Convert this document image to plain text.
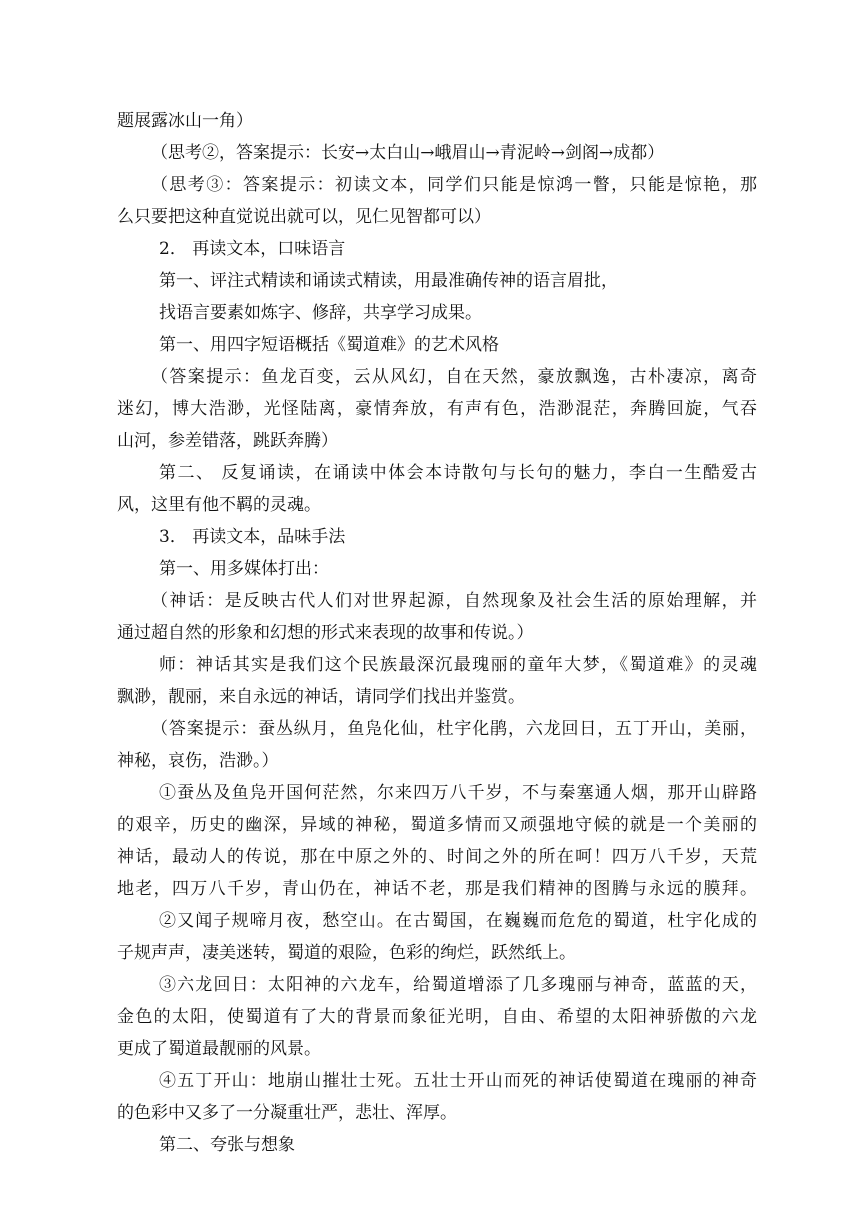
题展露冰山一角）
（思考②，答案提示：长安→太白山→峨眉山→青泥岭→剑阁→成都）
（思考③：答案提示：初读文本，同学们只能是惊鸿一瞥，只能是惊艳，那
么只要把这种直觉说出就可以，见仁见智都可以）
2． 再读文本，口味语言
第一、评注式精读和诵读式精读，用最准确传神的语言眉批，
找语言要素如炼字、修辞，共享学习成果。
第一、用四字短语概括《蜀道难》的艺术风格
（答案提示：鱼龙百变，云从风幻，自在天然，豪放飘逸，古朴凄凉，离奇
迷幻，博大浩渺，光怪陆离，豪情奔放，有声有色，浩渺混茫，奔腾回旋，气吞
山河，参差错落，跳跃奔腾）
第二、 反复诵读，在诵读中体会本诗散句与长句的魅力，李白一生酷爱古
风，这里有他不羁的灵魂。
3． 再读文本，品味手法
第一、用多媒体打出：
（神话：是反映古代人们对世界起源，自然现象及社会生活的原始理解，并
通过超自然的形象和幻想的形式来表现的故事和传说。）
师：神话其实是我们这个民族最深沉最瑰丽的童年大梦，《蜀道难》的灵魂
飘渺，靓丽，来自永远的神话，请同学们找出并鉴赏。
（答案提示：蚕丛纵月，鱼凫化仙，杜宇化鹃，六龙回日，五丁开山，美丽，
神秘，哀伤，浩渺。）
①蚕丛及鱼凫开国何茫然，尔来四万八千岁，不与秦塞通人烟，那开山辟路
的艰辛，历史的幽深，异域的神秘，蜀道多情而又顽强地守候的就是一个美丽的
神话，最动人的传说，那在中原之外的、时间之外的所在呵！四万八千岁，天荒
地老，四万八千岁，青山仍在，神话不老，那是我们精神的图腾与永远的膜拜。
②又闻子规啼月夜，愁空山。在古蜀国，在巍巍而危危的蜀道，杜宇化成的
子规声声，凄美迷转，蜀道的艰险，色彩的绚烂，跃然纸上。
③六龙回日：太阳神的六龙车，给蜀道增添了几多瑰丽与神奇，蓝蓝的天，
金色的太阳，使蜀道有了大的背景而象征光明，自由、希望的太阳神骄傲的六龙
更成了蜀道最靓丽的风景。
④五丁开山：地崩山摧壮士死。五壮士开山而死的神话使蜀道在瑰丽的神奇
的色彩中又多了一分凝重壮严，悲壮、浑厚。
第二、夸张与想象
